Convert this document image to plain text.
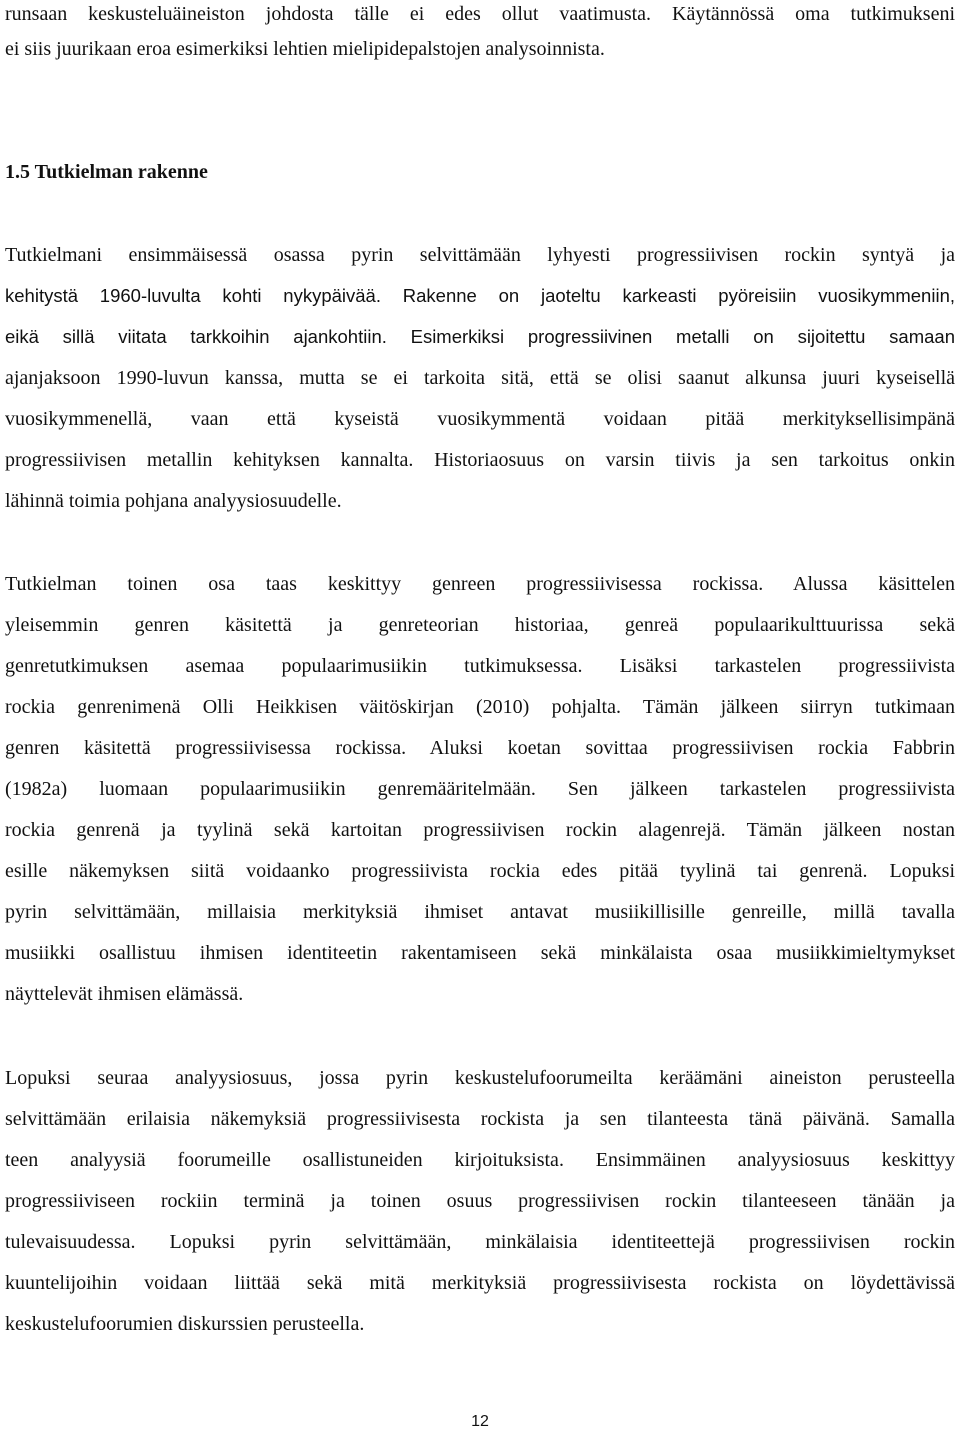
runsaan keskusteluäineiston johdosta tälle ei edes ollut vaatimusta. Käytännössä oma tutkimukseni

ei siis juurikaan eroa esimerkiksi lehtien mielipidepalstojen analysoinnista.

1.5 Tutkielman rakenne

Tutkielmani ensimmäisessä osassa pyrin selvittämään lyhyesti progressiivisen rockin syntyä ja

kehitystä 1960-luvulta kohti nykypäivää. Rakenne on jaoteltu karkeasti pyöreisiin vuosikymmeniin,

eikä sillä viitata tarkkoihin ajankohtiin. Esimerkiksi progressiivinen metalli on sijoitettu samaan

ajanjaksoon 1990-luvun kanssa, mutta se ei tarkoita sitä, että se olisi saanut alkunsa juuri kyseisellä

vuosikymmenellä, vaan että kyseistä vuosikymmentä voidaan pitää merkityksellisimpänä

progressiivisen metallin kehityksen kannalta. Historiaosuus on varsin tiivis ja sen tarkoitus onkin

lähinnä toimia pohjana analyysiosuudelle.

Tutkielman toinen osa taas keskittyy genreen progressiivisessa rockissa. Alussa käsittelen

yleisemmin genren käsitettä ja genreteorian historiaa, genreä populaarikulttuurissa sekä

genretutkimuksen asemaa populaarimusiikin tutkimuksessa. Lisäksi tarkastelen progressiivista

rockia genrenimenä Olli Heikkisen väitöskirjan (2010) pohjalta. Tämän jälkeen siirryn tutkimaan

genren käsitettä progressiivisessa rockissa. Aluksi koetan sovittaa progressiivisen rockia Fabbrin

(1982a) luomaan populaarimusiikin genremääritelmään. Sen jälkeen tarkastelen progressiivista

rockia genrenä ja tyylinä sekä kartoitan progressiivisen rockin alagenrejä. Tämän jälkeen nostan

esille näkemyksen siitä voidaanko progressiivista rockia edes pitää tyylinä tai genrenä. Lopuksi

pyrin selvittämään, millaisia merkityksiä ihmiset antavat musiikillisille genreille, millä tavalla

musiikki osallistuu ihmisen identiteetin rakentamiseen sekä minkälaista osaa musiikkimieltymykset

näyttelevät ihmisen elämässä.

Lopuksi seuraa analyysiosuus, jossa pyrin keskustelufoorumeilta keräämäni aineiston perusteella

selvittämään erilaisia näkemyksiä progressiivisesta rockista ja sen tilanteesta tänä päivänä. Samalla

teen analyysiä foorumeille osallistuneiden kirjoituksista. Ensimmäinen analyysiosuus keskittyy

progressiiviseen rockiin terminä ja toinen osuus progressiivisen rockin tilanteeseen tänään ja

tulevaisuudessa. Lopuksi pyrin selvittämään, minkälaisia identiteettejä progressiivisen rockin

kuuntelijoihin voidaan liittää sekä mitä merkityksiä progressiivisesta rockista on löydettävissä

keskustelufoorumien diskurssien perusteella.

12
